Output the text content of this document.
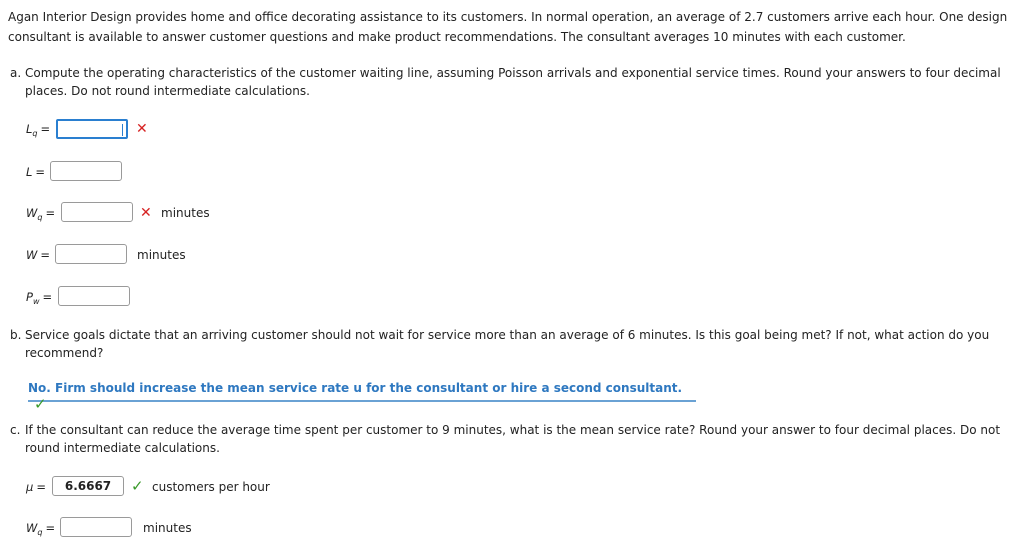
Agan Interior Design provides home and office decorating assistance to its customers. In normal operation, an average of 2.7 customers arrive each hour. One design
consultant is available to answer customer questions and make product recommendations. The consultant averages 10 minutes with each customer.

a. Compute the operating characteristics of the customer waiting line, assuming Poisson arrivals and exponential service times. Round your answers to four decimal
places. Do not round intermediate calculations.

$L_q$ =	✕
L =
$W_q$ =	✕ minutes
W =	minutes
$P_w$ =

b. Service goals dictate that an arriving customer should not wait for service more than an average of 6 minutes. Is this goal being met? If not, what action do you
recommend?

No. Firm should increase the mean service rate u for the consultant or hire a second consultant.✓

c. If the consultant can reduce the average time spent per customer to 9 minutes, what is the mean service rate? Round your answer to four decimal places. Do not
round intermediate calculations.

μ =	6.6667	✓ customers per hour
$W_q$ =	minutes
